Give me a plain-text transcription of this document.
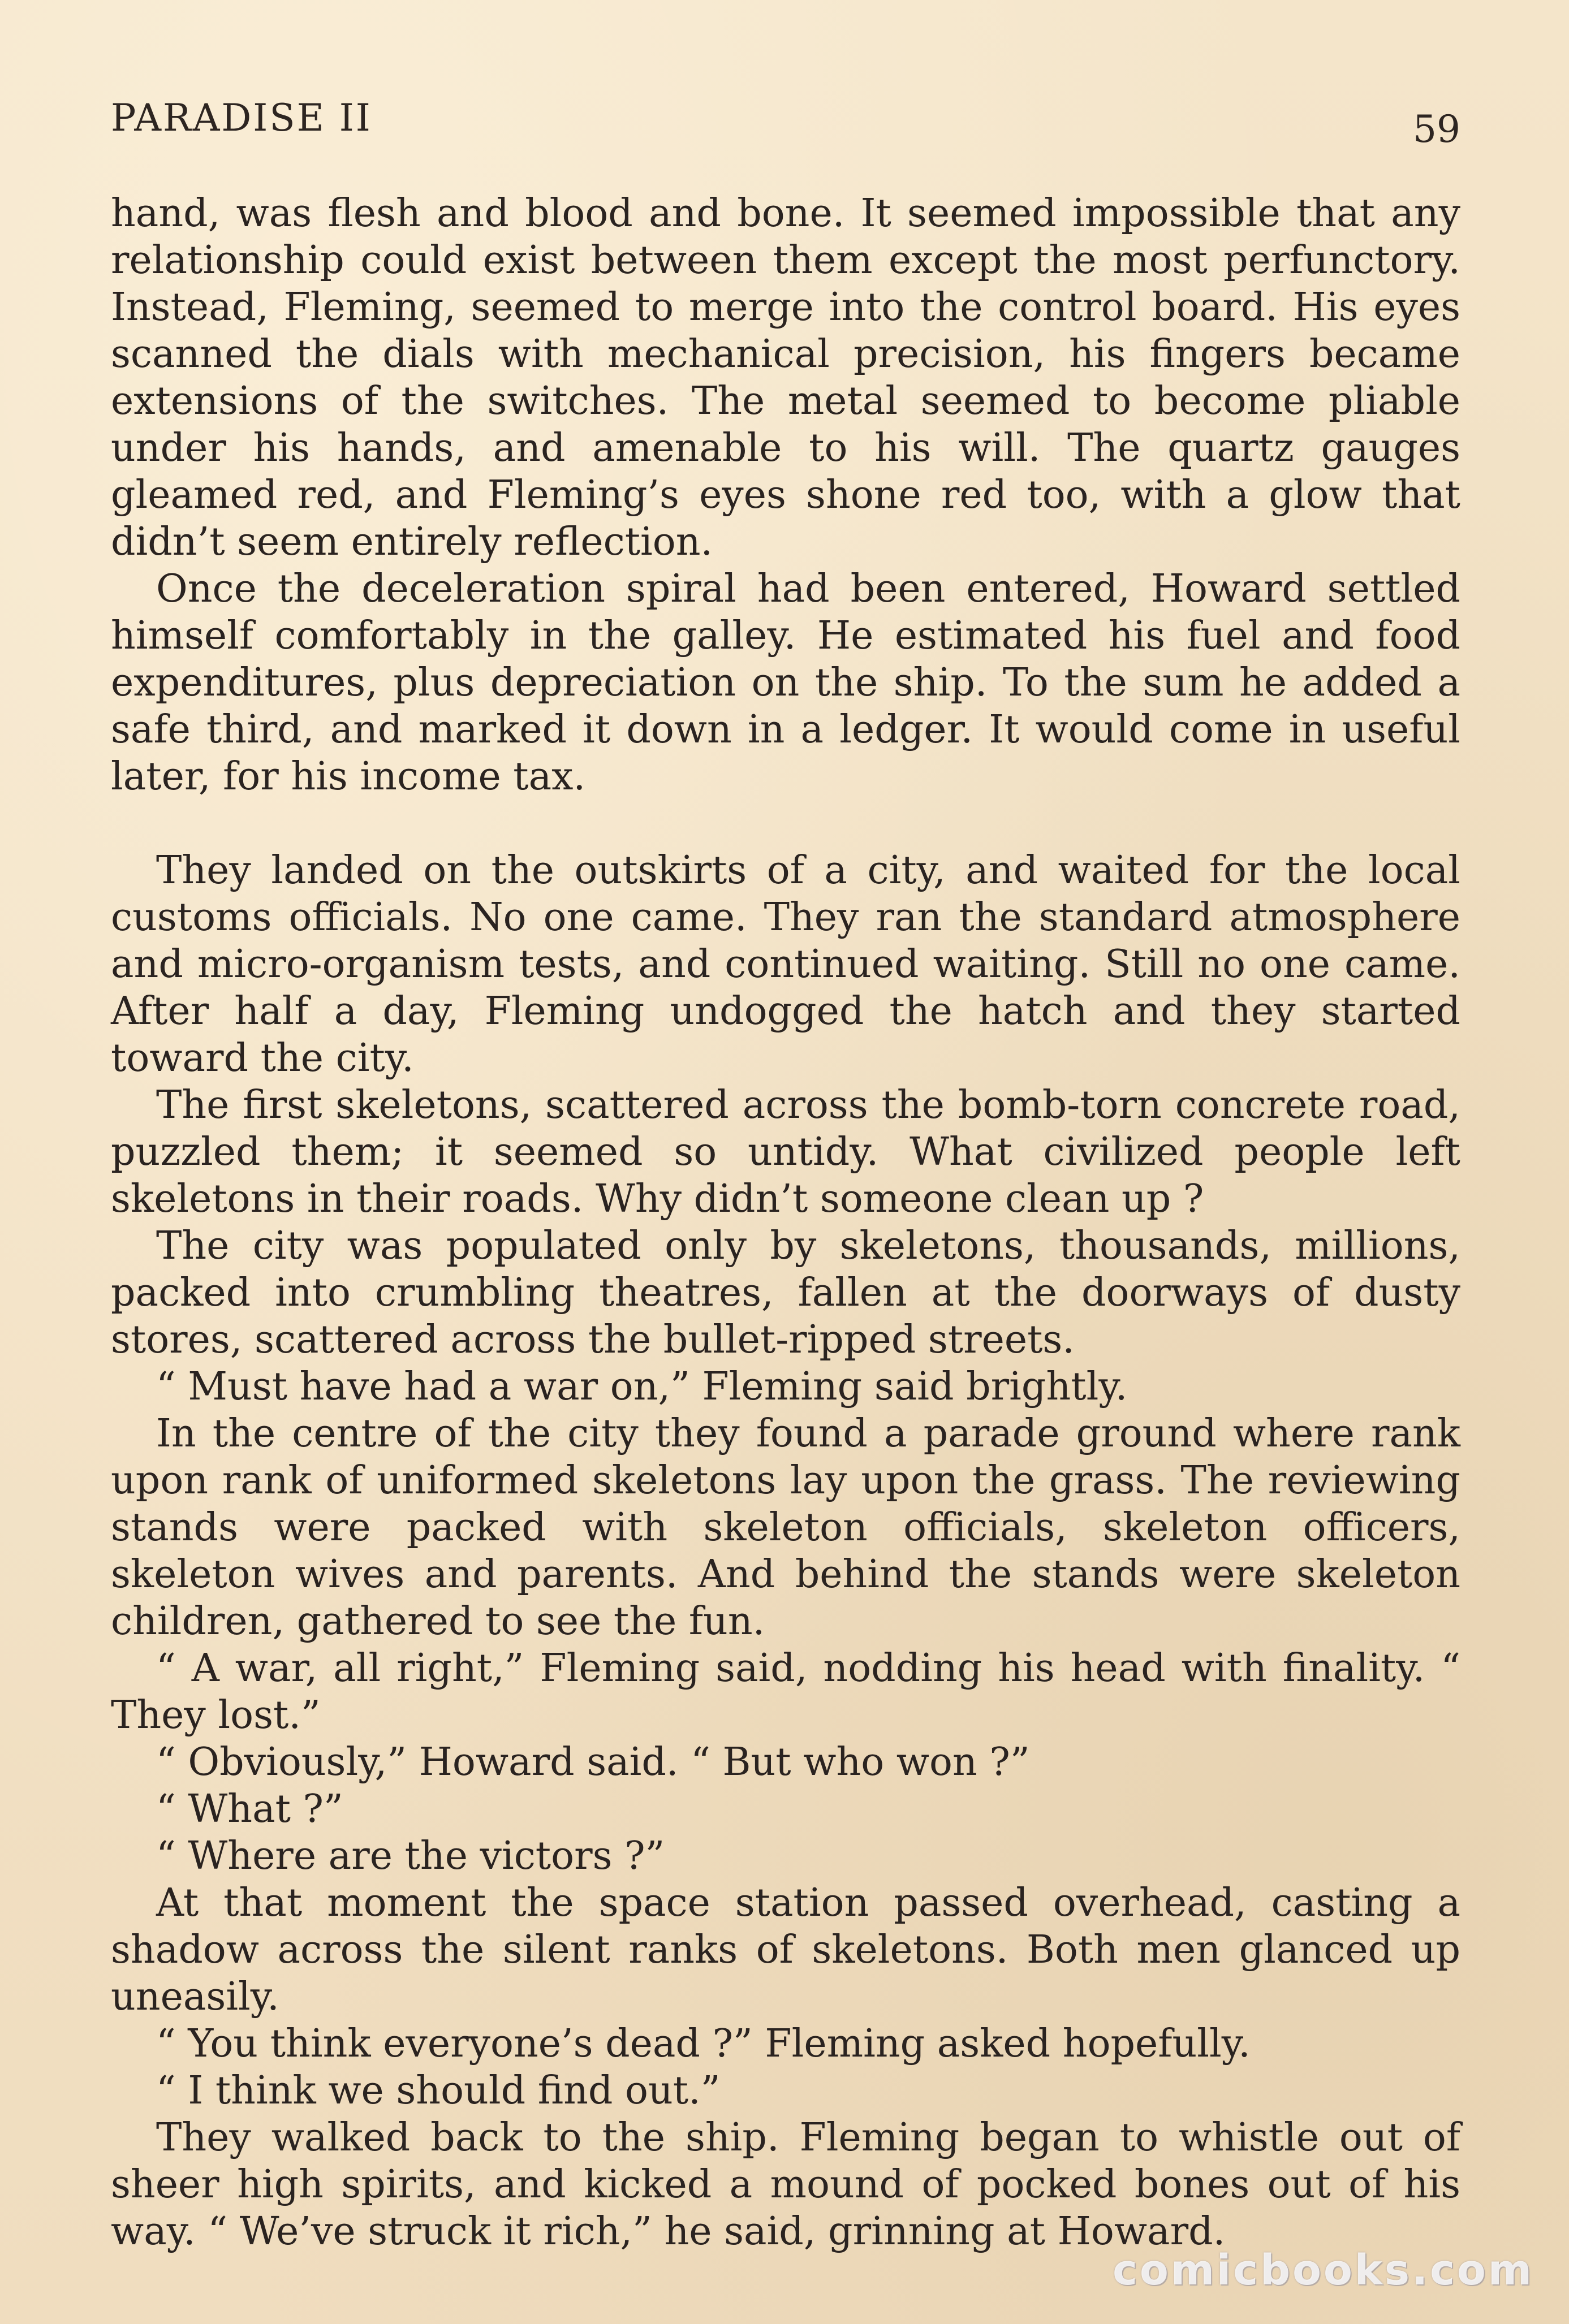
PARADISE II	59

hand, was flesh and blood and bone. It seemed impossible that any relationship could exist between them except the most perfunctory. Instead, Fleming, seemed to merge into the control board. His eyes scanned the dials with mechanical precision, his fingers became extensions of the switches. The metal seemed to become pliable under his hands, and amenable to his will. The quartz gauges gleamed red, and Fleming’s eyes shone red too, with a glow that didn’t seem entirely reflection.

Once the deceleration spiral had been entered, Howard settled himself comfortably in the galley. He estimated his fuel and food expenditures, plus depreciation on the ship. To the sum he added a safe third, and marked it down in a ledger. It would come in useful later, for his income tax.

They landed on the outskirts of a city, and waited for the local customs officials. No one came. They ran the standard atmosphere and micro-organism tests, and continued waiting. Still no one came. After half a day, Fleming undogged the hatch and they started toward the city.

The first skeletons, scattered across the bomb-torn concrete road, puzzled them; it seemed so untidy. What civilized people left skeletons in their roads. Why didn’t someone clean up ?

The city was populated only by skeletons, thousands, millions, packed into crumbling theatres, fallen at the doorways of dusty stores, scattered across the bullet-ripped streets.

“ Must have had a war on,” Fleming said brightly.

In the centre of the city they found a parade ground where rank upon rank of uniformed skeletons lay upon the grass. The reviewing stands were packed with skeleton officials, skeleton officers, skeleton wives and parents. And behind the stands were skeleton children, gathered to see the fun.

“ A war, all right,” Fleming said, nodding his head with finality. “ They lost.”

“ Obviously,” Howard said. “ But who won ?”

“ What ?”

“ Where are the victors ?”

At that moment the space station passed overhead, casting a shadow across the silent ranks of skeletons. Both men glanced up uneasily.

“ You think everyone’s dead ?” Fleming asked hopefully.

“ I think we should find out.”

They walked back to the ship. Fleming began to whistle out of sheer high spirits, and kicked a mound of pocked bones out of his way. “ We’ve struck it rich,” he said, grinning at Howard.

comicbooks.com
